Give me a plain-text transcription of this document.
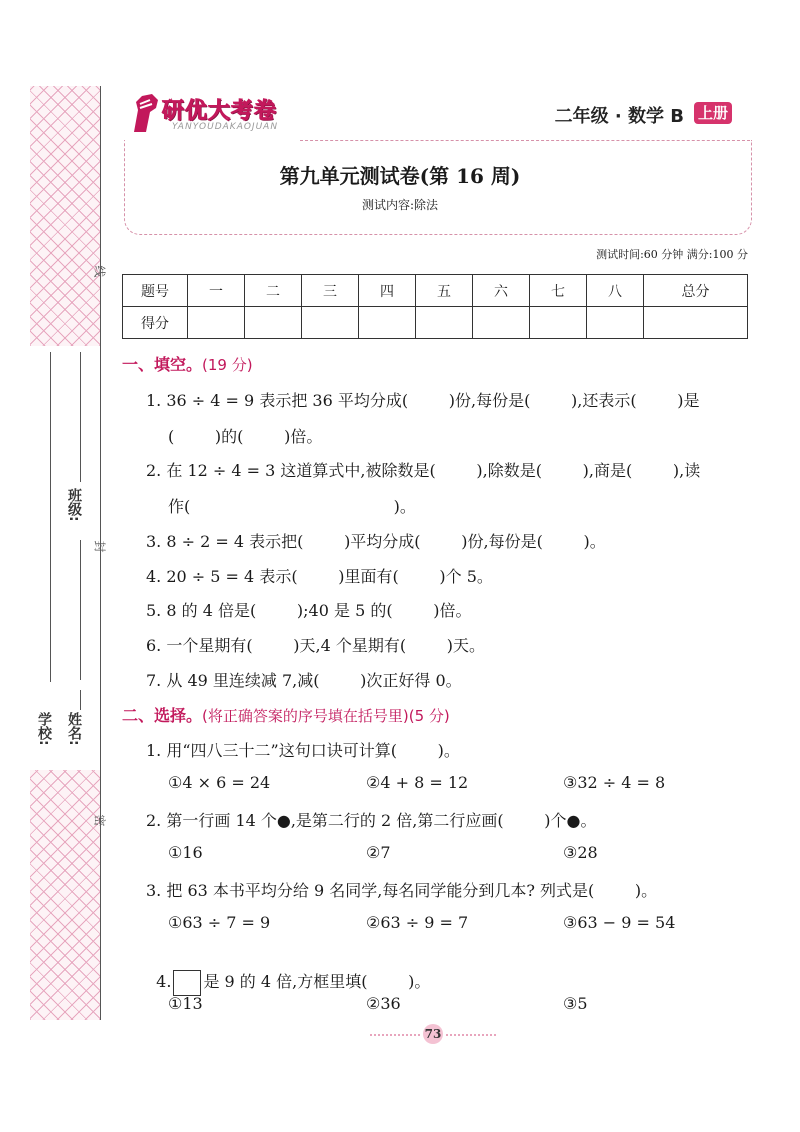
线
封
密
班级:
学校: 姓名:
研优大考卷
YANYOUDAKAOJUAN	二年级 · 数学 B 上册
第九单元测试卷(第 16 周)
测试内容:除法
测试时间:60 分钟 满分:100 分
题号	一	二	三	四	五	六	七	八	总分
得分									
一、填空。(19 分)
1. 36 ÷ 4 = 9 表示把 36 平均分成(        )份,每份是(        ),还表示(        )是
(        )的(        )倍。
2. 在 12 ÷ 4 = 3 这道算式中,被除数是(        ),除数是(        ),商是(        ),读
作(                                        )。
3. 8 ÷ 2 = 4 表示把(        )平均分成(        )份,每份是(        )。
4. 20 ÷ 5 = 4 表示(        )里面有(        )个 5。
5. 8 的 4 倍是(        );40 是 5 的(        )倍。
6. 一个星期有(        )天,4 个星期有(        )天。
7. 从 49 里连续减 7,减(        )次正好得 0。
二、选择。(将正确答案的序号填在括号里)(5 分)
1. 用“四八三十二”这句口诀可计算(        )。
①4 × 6 = 24	②4 + 8 = 12	③32 ÷ 4 = 8
2. 第一行画 14 个●,是第二行的 2 倍,第二行应画(        )个●。
①16	②7	③28
3. 把 63 本书平均分给 9 名同学,每名同学能分到几本? 列式是(        )。
①63 ÷ 7 = 9	②63 ÷ 9 = 7	③63 − 9 = 54

4. 是 9 的 4 倍,方框里填(        )。

①13	②36	③5
73
